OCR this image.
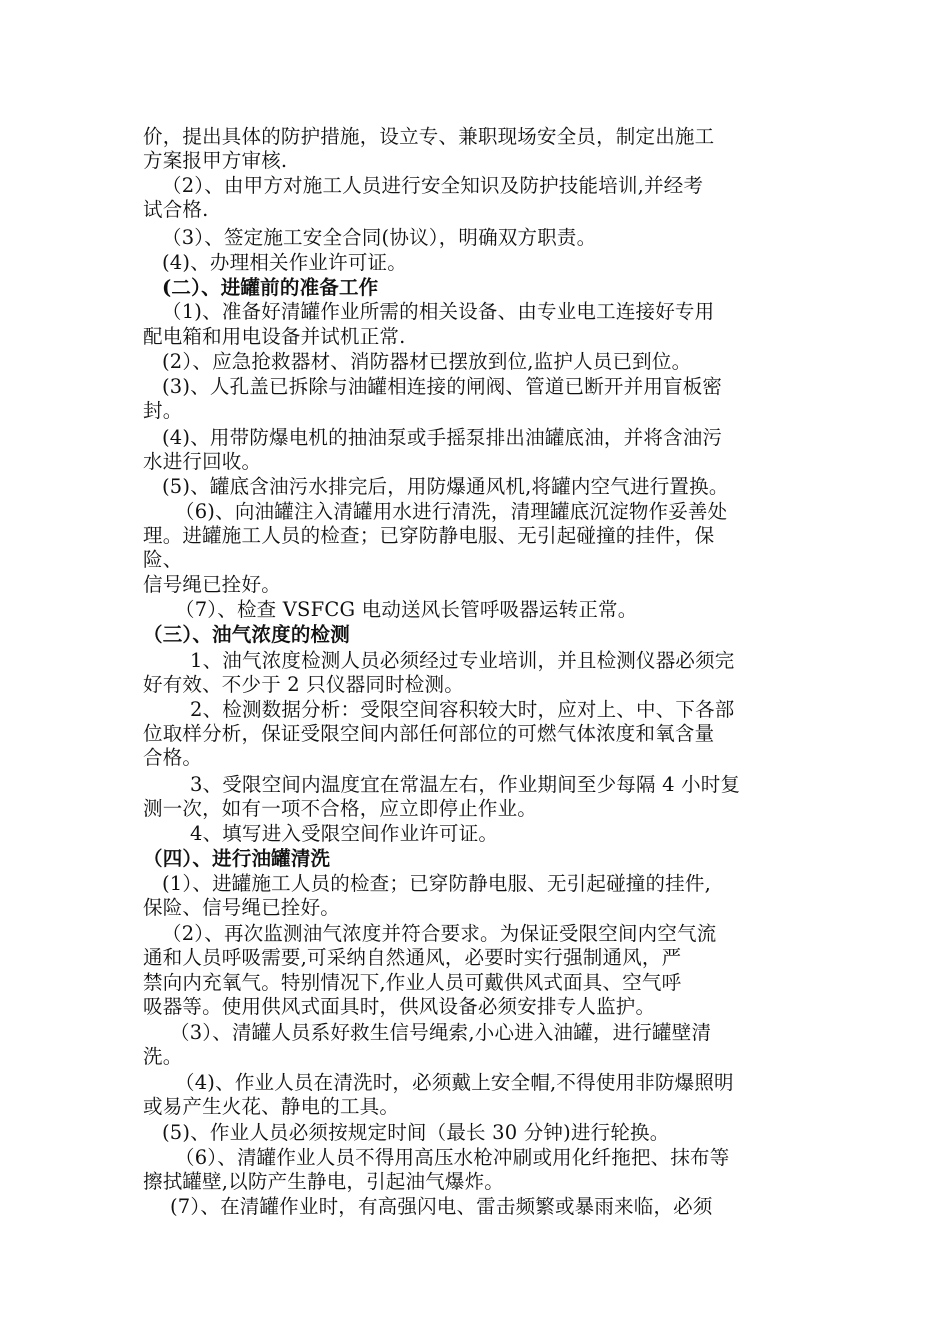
价，提出具体的防护措施，设立专、兼职现场安全员，制定出施工

方案报甲方审核.

（2）、由甲方对施工人员进行安全知识及防护技能培训,并经考

试合格.

（3）、签定施工安全合同(协议），明确双方职责。

(4)、办理相关作业许可证。

(二）、进罐前的准备工作

（1)、准备好清罐作业所需的相关设备、由专业电工连接好专用

配电箱和用电设备并试机正常.

(2）、应急抢救器材、消防器材已摆放到位,监护人员已到位。

(3)、人孔盖已拆除与油罐相连接的闸阀、管道已断开并用盲板密

封。

(4)、用带防爆电机的抽油泵或手摇泵排出油罐底油，并将含油污

水进行回收。

(5)、罐底含油污水排完后，用防爆通风机,将罐内空气进行置换。

（6)、向油罐注入清罐用水进行清洗，清理罐底沉淀物作妥善处

理。进罐施工人员的检查；已穿防静电服、无引起碰撞的挂件，保

险、

信号绳已拴好。

（7）、检查 VSFCG 电动送风长管呼吸器运转正常。

（三）、油气浓度的检测

1、油气浓度检测人员必须经过专业培训，并且检测仪器必须完

好有效、不少于 2 只仪器同时检测。

2、检测数据分析：受限空间容积较大时，应对上、中、下各部

位取样分析，保证受限空间内部任何部位的可燃气体浓度和氧含量

合格。

3、受限空间内温度宜在常温左右，作业期间至少每隔 4 小时复

测一次，如有一项不合格，应立即停止作业。

4、填写进入受限空间作业许可证。

（四）、进行油罐清洗

(1）、进罐施工人员的检查；已穿防静电服、无引起碰撞的挂件,

保险、信号绳已拴好。

（2）、再次监测油气浓度并符合要求。为保证受限空间内空气流

通和人员呼吸需要,可采纳自然通风，必要时实行强制通风，严

禁向内充氧气。特别情况下,作业人员可戴供风式面具、空气呼

吸器等。使用供风式面具时，供风设备必须安排专人监护。

（3）、清罐人员系好救生信号绳索,小心进入油罐，进行罐壁清

洗。

（4)、作业人员在清洗时，必须戴上安全帽,不得使用非防爆照明

或易产生火花、静电的工具。

(5)、作业人员必须按规定时间（最长 30 分钟)进行轮换。

（6）、清罐作业人员不得用高压水枪冲刷或用化纤拖把、抹布等

擦拭罐壁,以防产生静电，引起油气爆炸。

(7）、在清罐作业时，有高强闪电、雷击频繁或暴雨来临，必须
